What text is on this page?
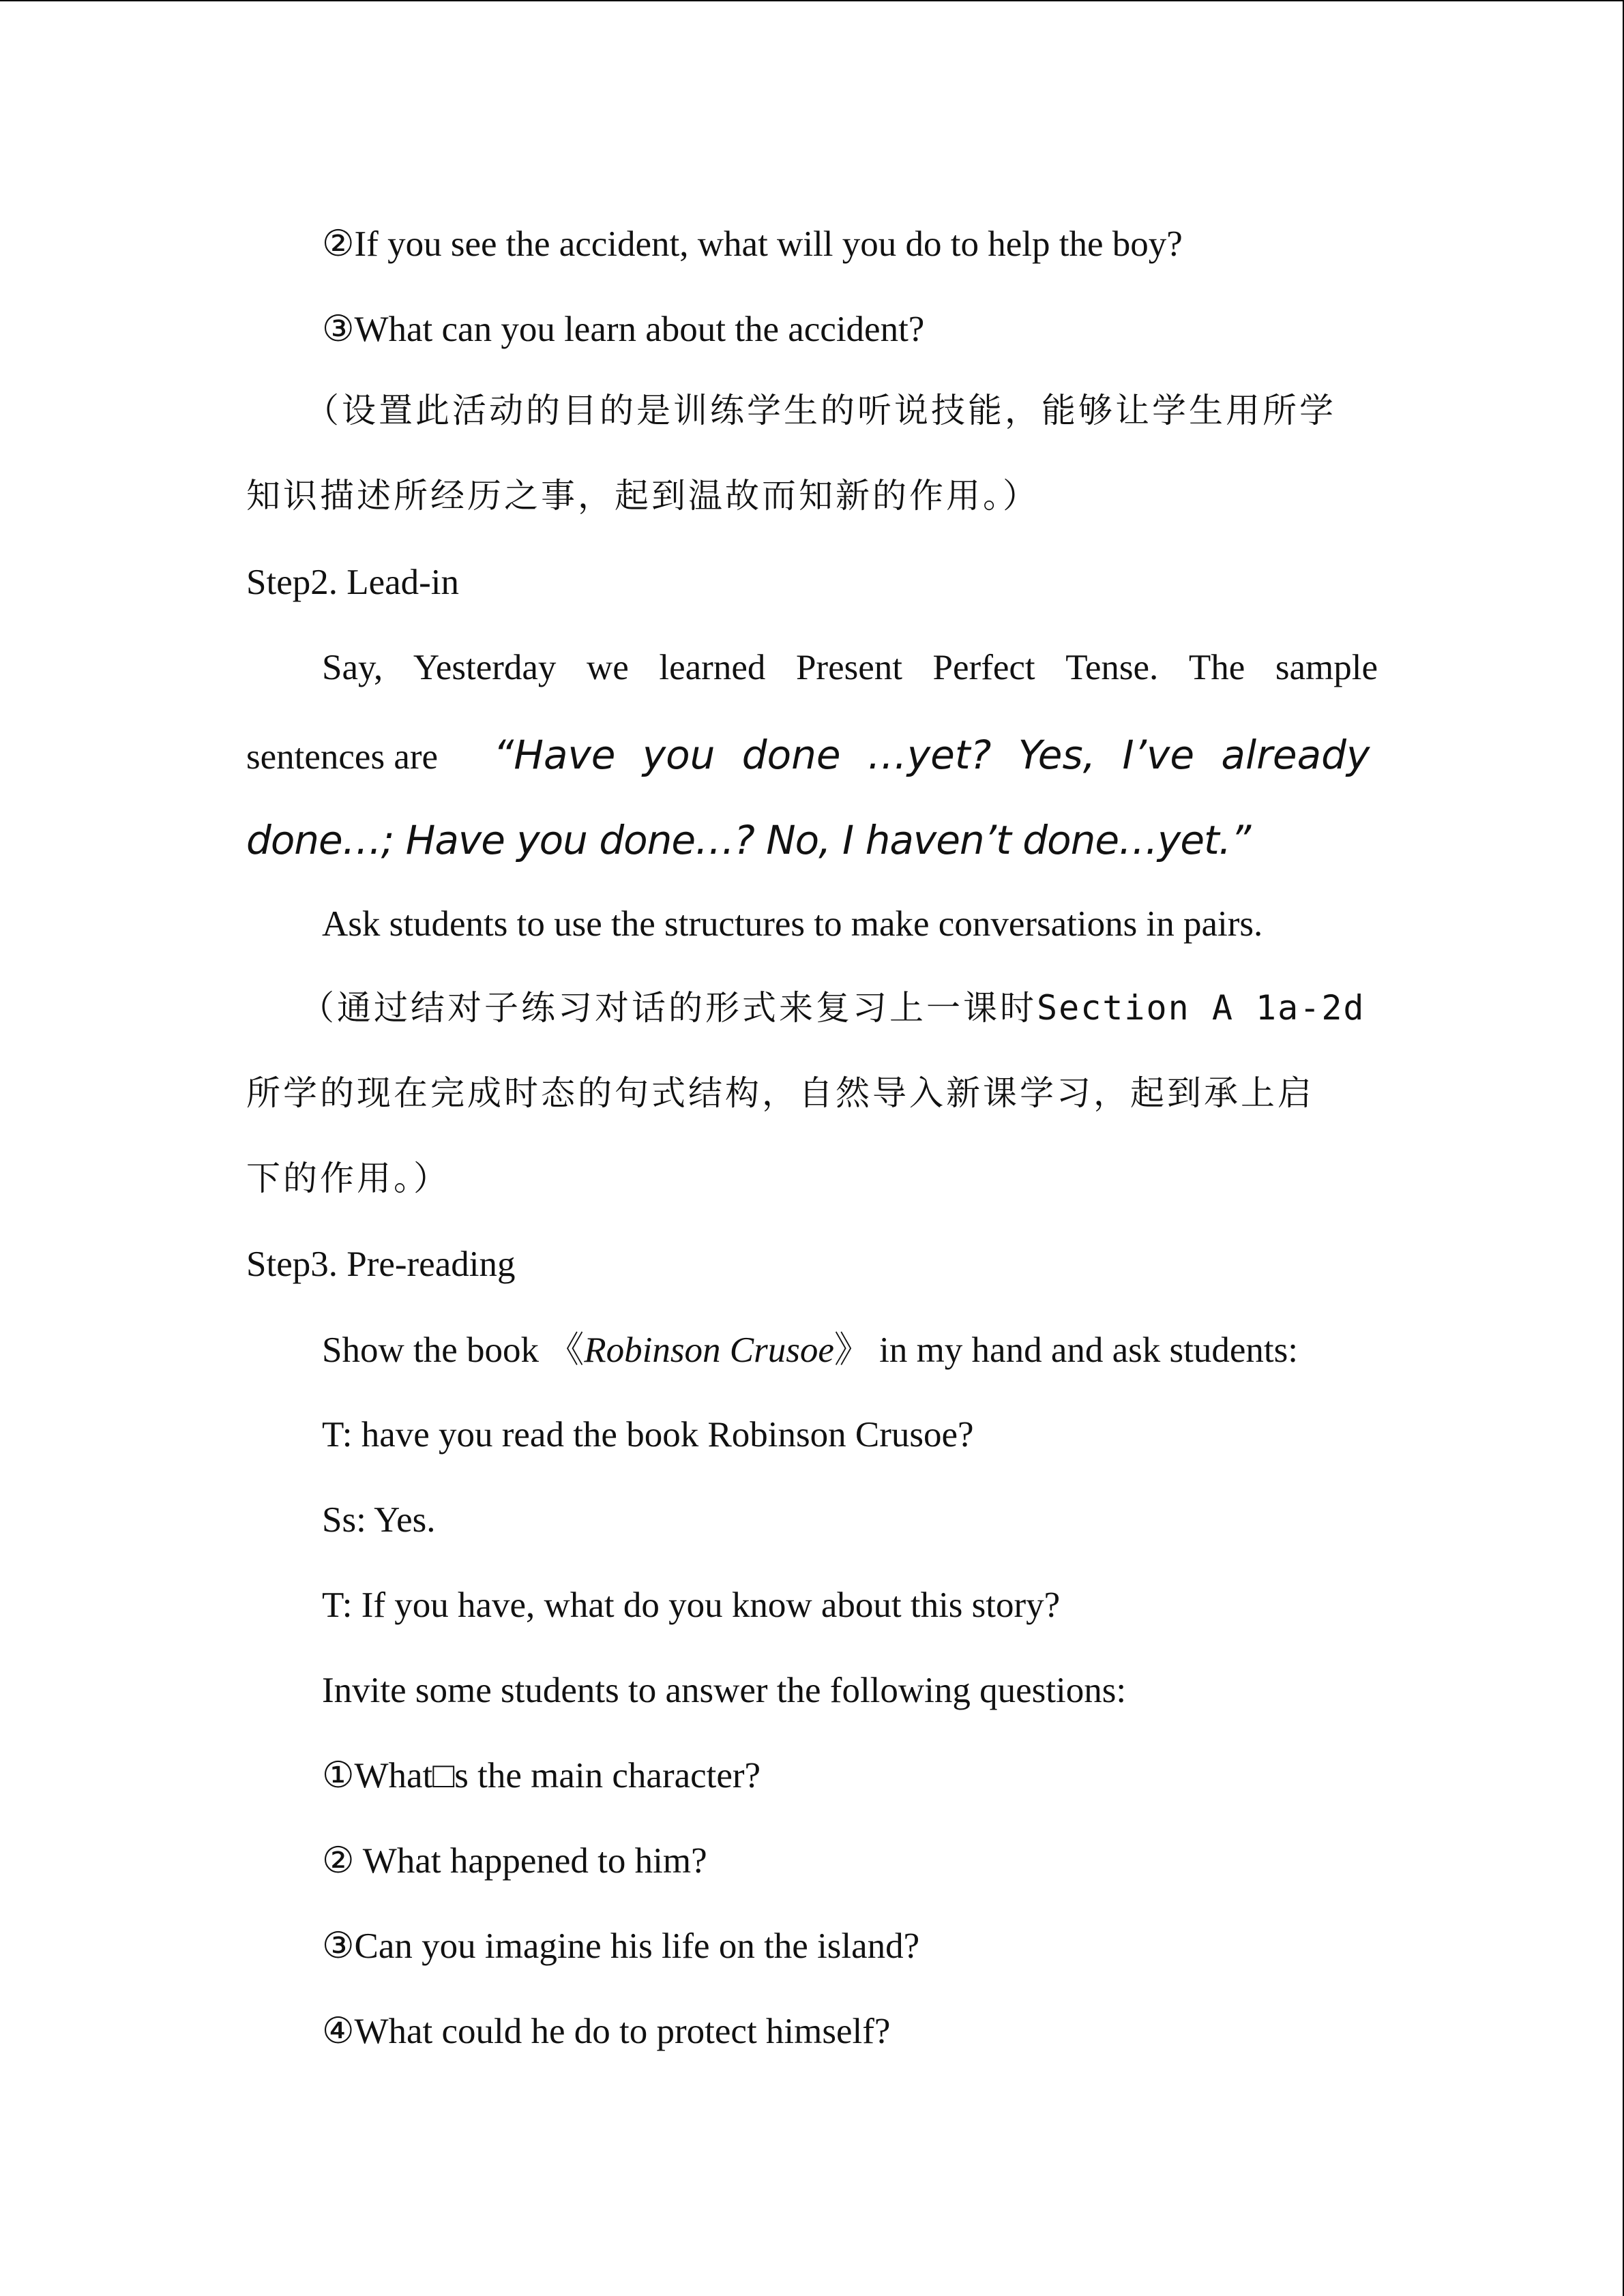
②If you see the accident, what will you do to help the boy?
③What can you learn about the accident?
（设置此活动的目的是训练学生的听说技能，能够让学生用所学
知识描述所经历之事，起到温故而知新的作用。）
Step2. Lead-in
Say, Yesterday we learned Present Perfect Tense. The sample
sentences are “Have you done …yet? Yes, I’ve already
done…; Have you done…? No, I haven’t done…yet.”
Ask students to use the structures to make conversations in pairs.
（通过结对子练习对话的形式来复习上一课时Section A 1a-2d
所学的现在完成时态的句式结构，自然导入新课学习，起到承上启
下的作用。）
Step3. Pre-reading
Show the book 《Robinson Crusoe》 in my hand and ask students:
T: have you read the book Robinson Crusoe?
Ss: Yes.
T: If you have, what do you know about this story?
Invite some students to answer the following questions:
①What□s the main character?
② What happened to him?
③Can you imagine his life on the island?
④What could he do to protect himself?
